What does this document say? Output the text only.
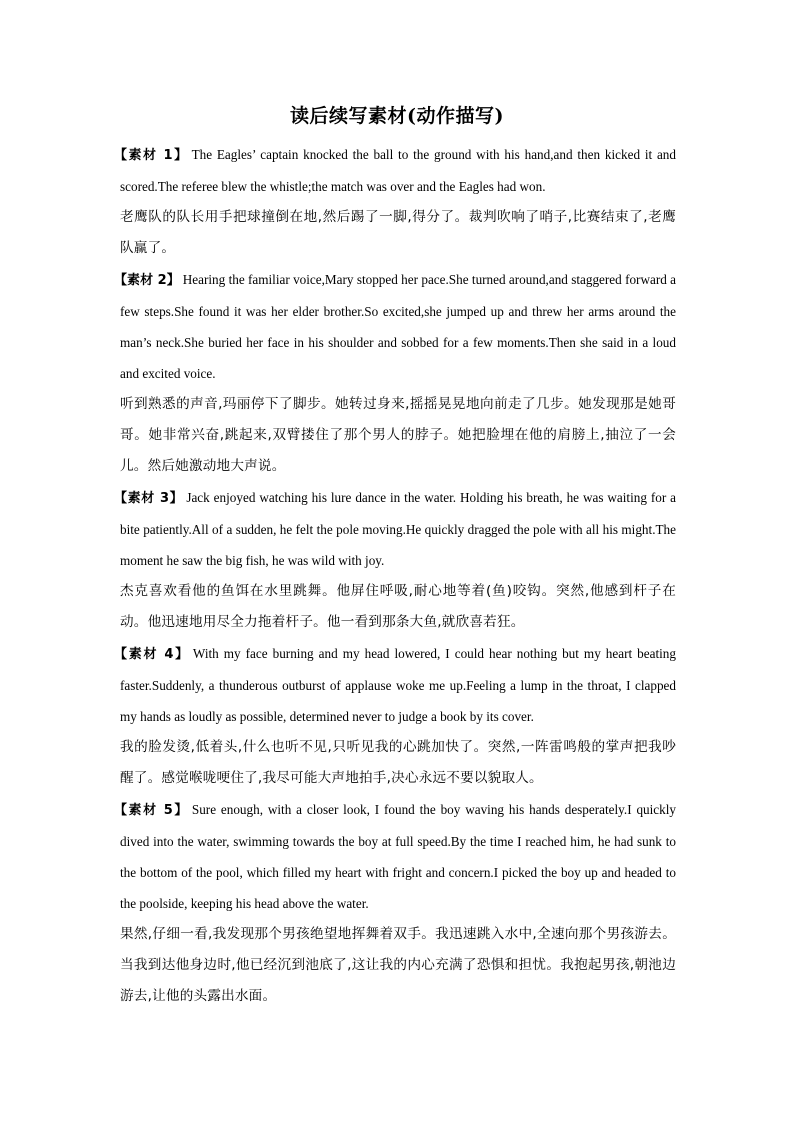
读后续写素材(动作描写)

【素材 1】 The Eagles’ captain knocked the ball to the ground with his hand,and then kicked it and scored.The referee blew the whistle;the match was over and the Eagles had won.

老鹰队的队长用手把球撞倒在地,然后踢了一脚,得分了。裁判吹响了哨子,比赛结束了,老鹰队赢了。

【素材 2】 Hearing the familiar voice,Mary stopped her pace.She turned around,and staggered forward a few steps.She found it was her elder brother.So excited,she jumped up and threw her arms around the man’s neck.She buried her face in his shoulder and sobbed for a few moments.Then she said in a loud and excited voice.

听到熟悉的声音,玛丽停下了脚步。她转过身来,摇摇晃晃地向前走了几步。她发现那是她哥哥。她非常兴奋,跳起来,双臂搂住了那个男人的脖子。她把脸埋在他的肩膀上,抽泣了一会儿。然后她激动地大声说。

【素材 3】 Jack enjoyed watching his lure dance in the water. Holding his breath, he was waiting for a bite patiently.All of a sudden, he felt the pole moving.He quickly dragged the pole with all his might.The moment he saw the big fish, he was wild with joy.

杰克喜欢看他的鱼饵在水里跳舞。他屏住呼吸,耐心地等着(鱼)咬钩。突然,他感到杆子在动。他迅速地用尽全力拖着杆子。他一看到那条大鱼,就欣喜若狂。

【素材 4】 With my face burning and my head lowered, I could hear nothing but my heart beating faster.Suddenly, a thunderous outburst of applause woke me up.Feeling a lump in the throat, I clapped my hands as loudly as possible, determined never to judge a book by its cover.

我的脸发烫,低着头,什么也听不见,只听见我的心跳加快了。突然,一阵雷鸣般的掌声把我吵醒了。感觉喉咙哽住了,我尽可能大声地拍手,决心永远不要以貌取人。

【素材 5】 Sure enough, with a closer look, I found the boy waving his hands desperately.I quickly dived into the water, swimming towards the boy at full speed.By the time I reached him, he had sunk to the bottom of the pool, which filled my heart with fright and concern.I picked the boy up and headed to the poolside, keeping his head above the water.

果然,仔细一看,我发现那个男孩绝望地挥舞着双手。我迅速跳入水中,全速向那个男孩游去。当我到达他身边时,他已经沉到池底了,这让我的内心充满了恐惧和担忧。我抱起男孩,朝池边游去,让他的头露出水面。
